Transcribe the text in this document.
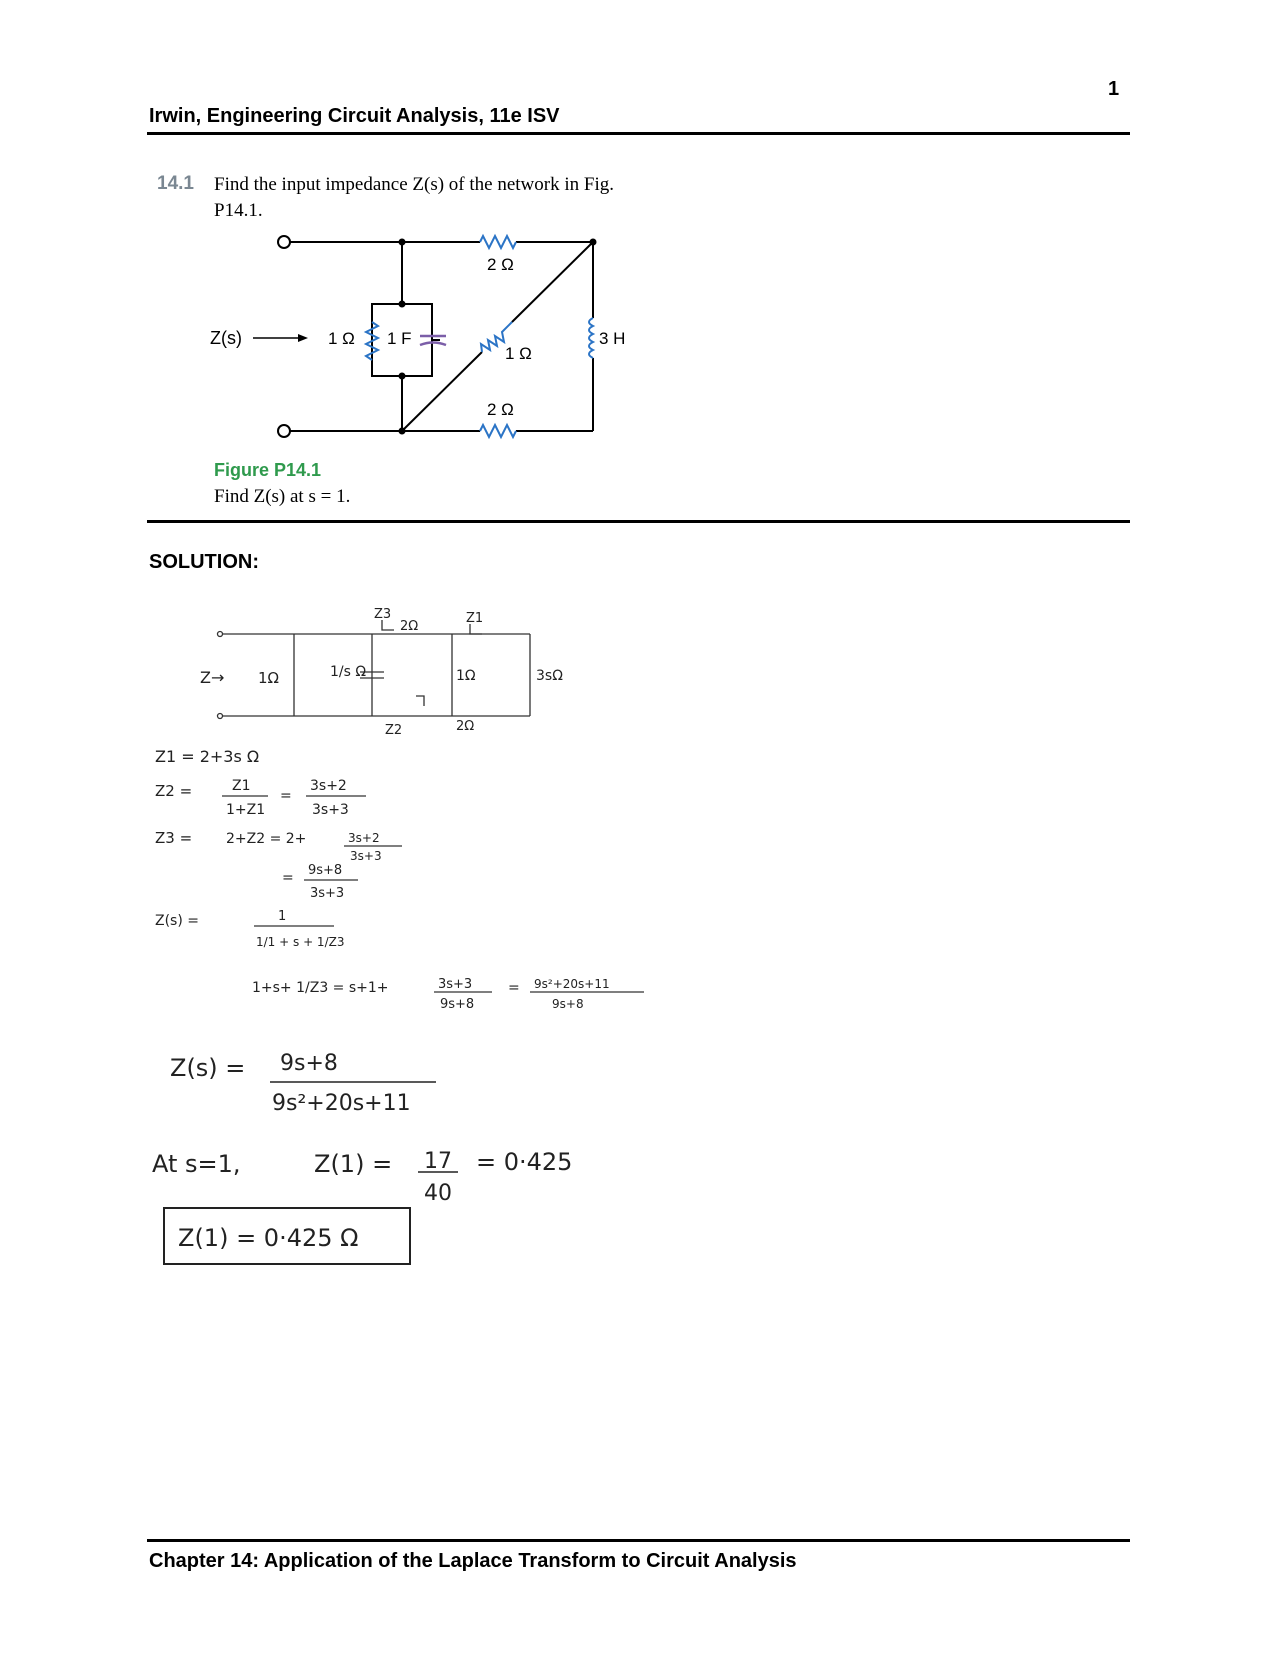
1
Irwin, Engineering Circuit Analysis, 11e ISV
14.1 Find the input impedance Z(s) of the network in Fig. P14.1.
Z(s)	1 Ω 1 F
2 Ω
1 Ω
2 Ω
3 H
Figure P14.1
Find Z(s) at s = 1.
SOLUTION:
Z→ 1Ω	1/s Ω
Z3
2Ω
Z1
1Ω	3sΩ
2Ω
Z2
Z1 = 2+3s Ω
Z2 =	Z1
1+Z1
=
3s+2
3s+3
Z3 = 2+Z2 = 2+	3s+2
3s+3
= 9s+8
3s+3
Z(s) =	1
1/1 + s + 1/Z3
1+s+ 1/Z3 = s+1+	3s+3
9s+8
= 9s²+20s+11
9s+8
Z(s) = 9s+8
9s²+20s+11
At s=1,	Z(1) = 17
40
= 0·425
Z(1) = 0·425 Ω
Chapter 14: Application of the Laplace Transform to Circuit Analysis
